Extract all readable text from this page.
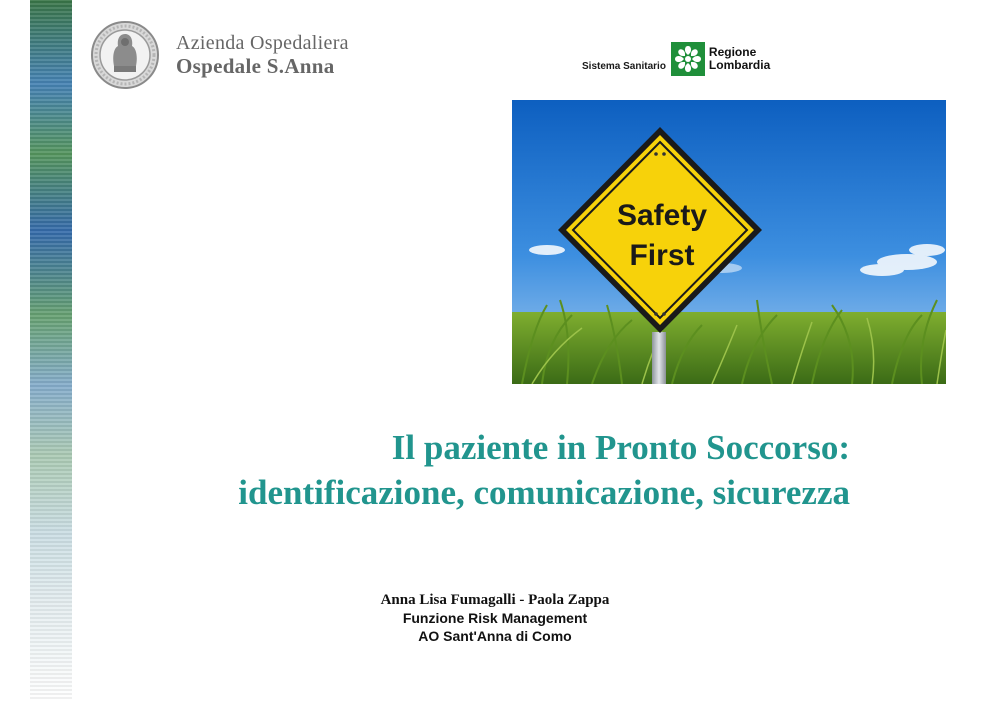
Azienda Ospedaliera
Ospedale S.Anna	Sistema Sanitario
Regione
Lombardia
Safety
First
Il paziente in Pronto Soccorso:
identificazione, comunicazione, sicurezza
Anna Lisa Fumagalli - Paola Zappa
Funzione Risk Management
AO Sant'Anna di Como
